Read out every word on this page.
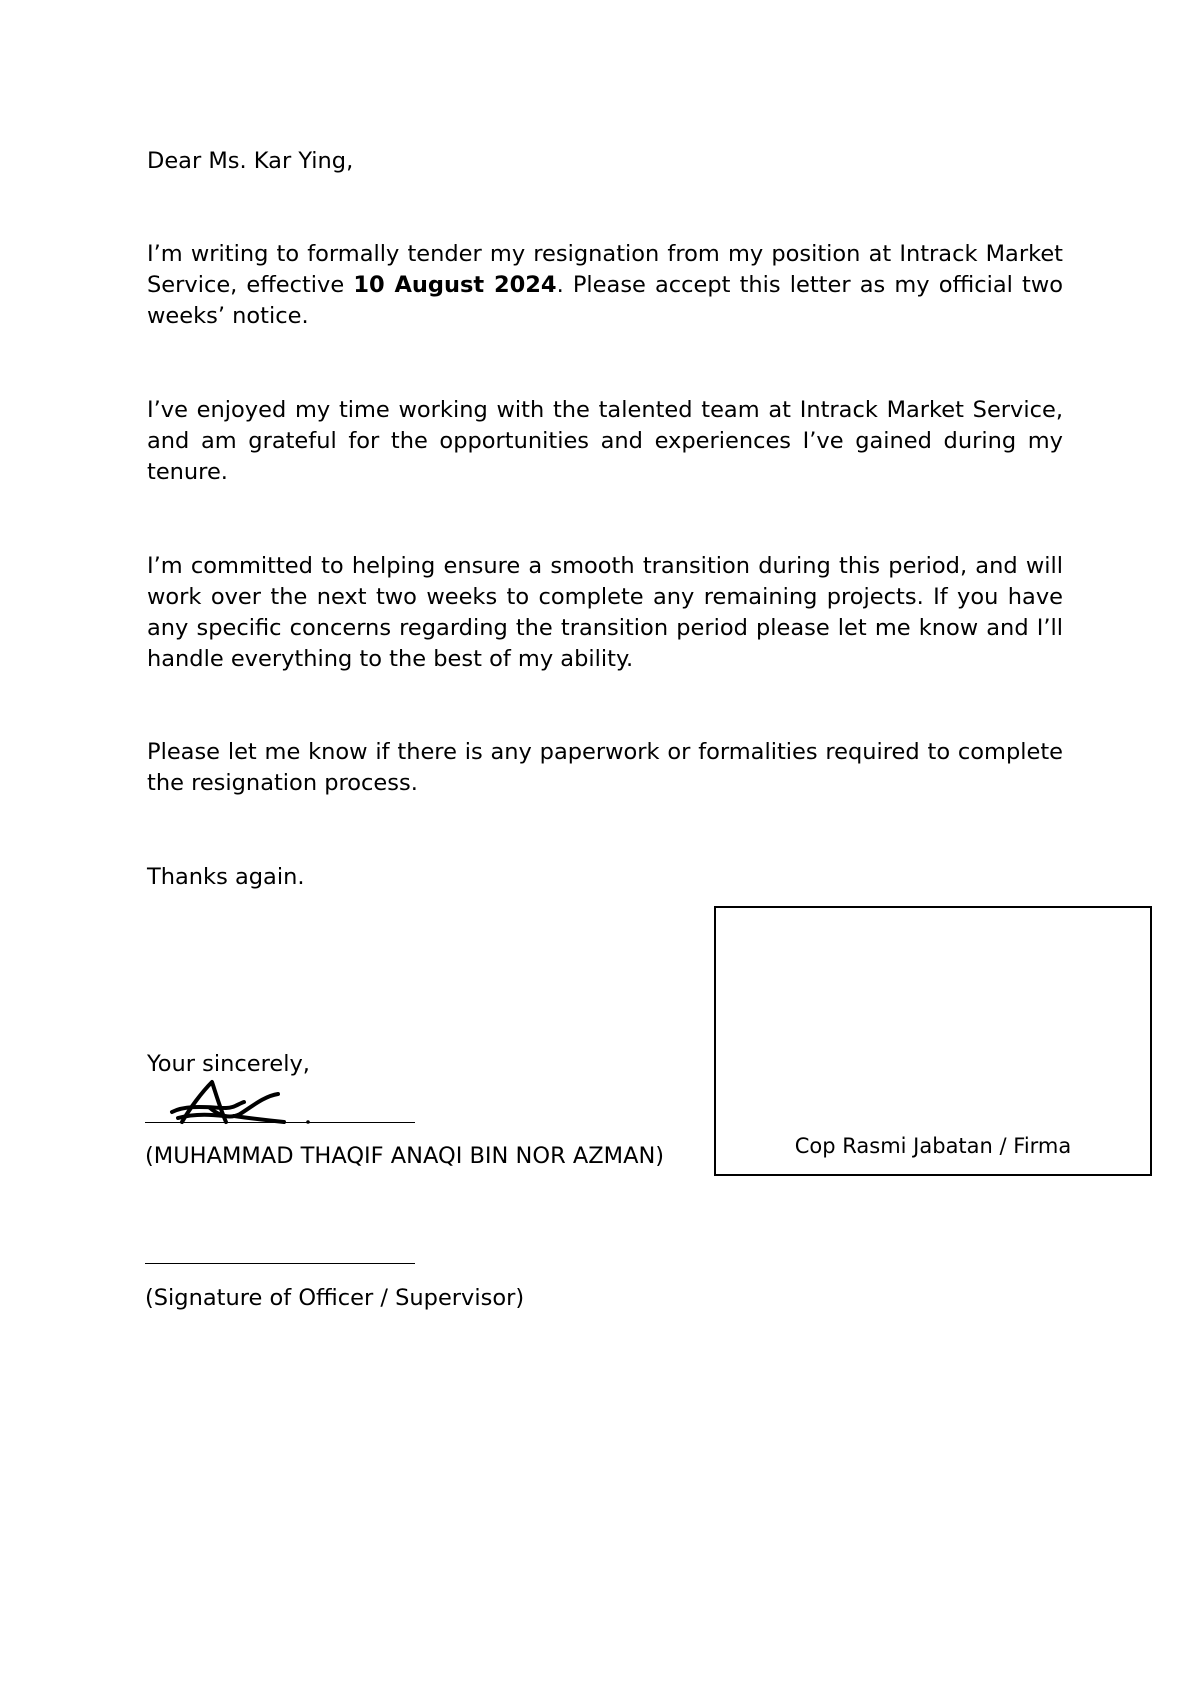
Dear Ms. Kar Ying,

I’m writing to formally tender my resignation from my position at Intrack Market Service, effective 10 August 2024. Please accept this letter as my official two weeks’ notice.

I’ve enjoyed my time working with the talented team at Intrack Market Service, and am grateful for the opportunities and experiences I’ve gained during my tenure.

I’m committed to helping ensure a smooth transition during this period, and will work over the next two weeks to complete any remaining projects. If you have any specific concerns regarding the transition period please let me know and I’ll handle everything to the best of my ability.

Please let me know if there is any paperwork or formalities required to complete the resignation process.

Thanks again.

Your sincerely,

(MUHAMMAD THAQIF ANAQI BIN NOR AZMAN)

(Signature of Officer / Supervisor)

Cop Rasmi Jabatan / Firma
